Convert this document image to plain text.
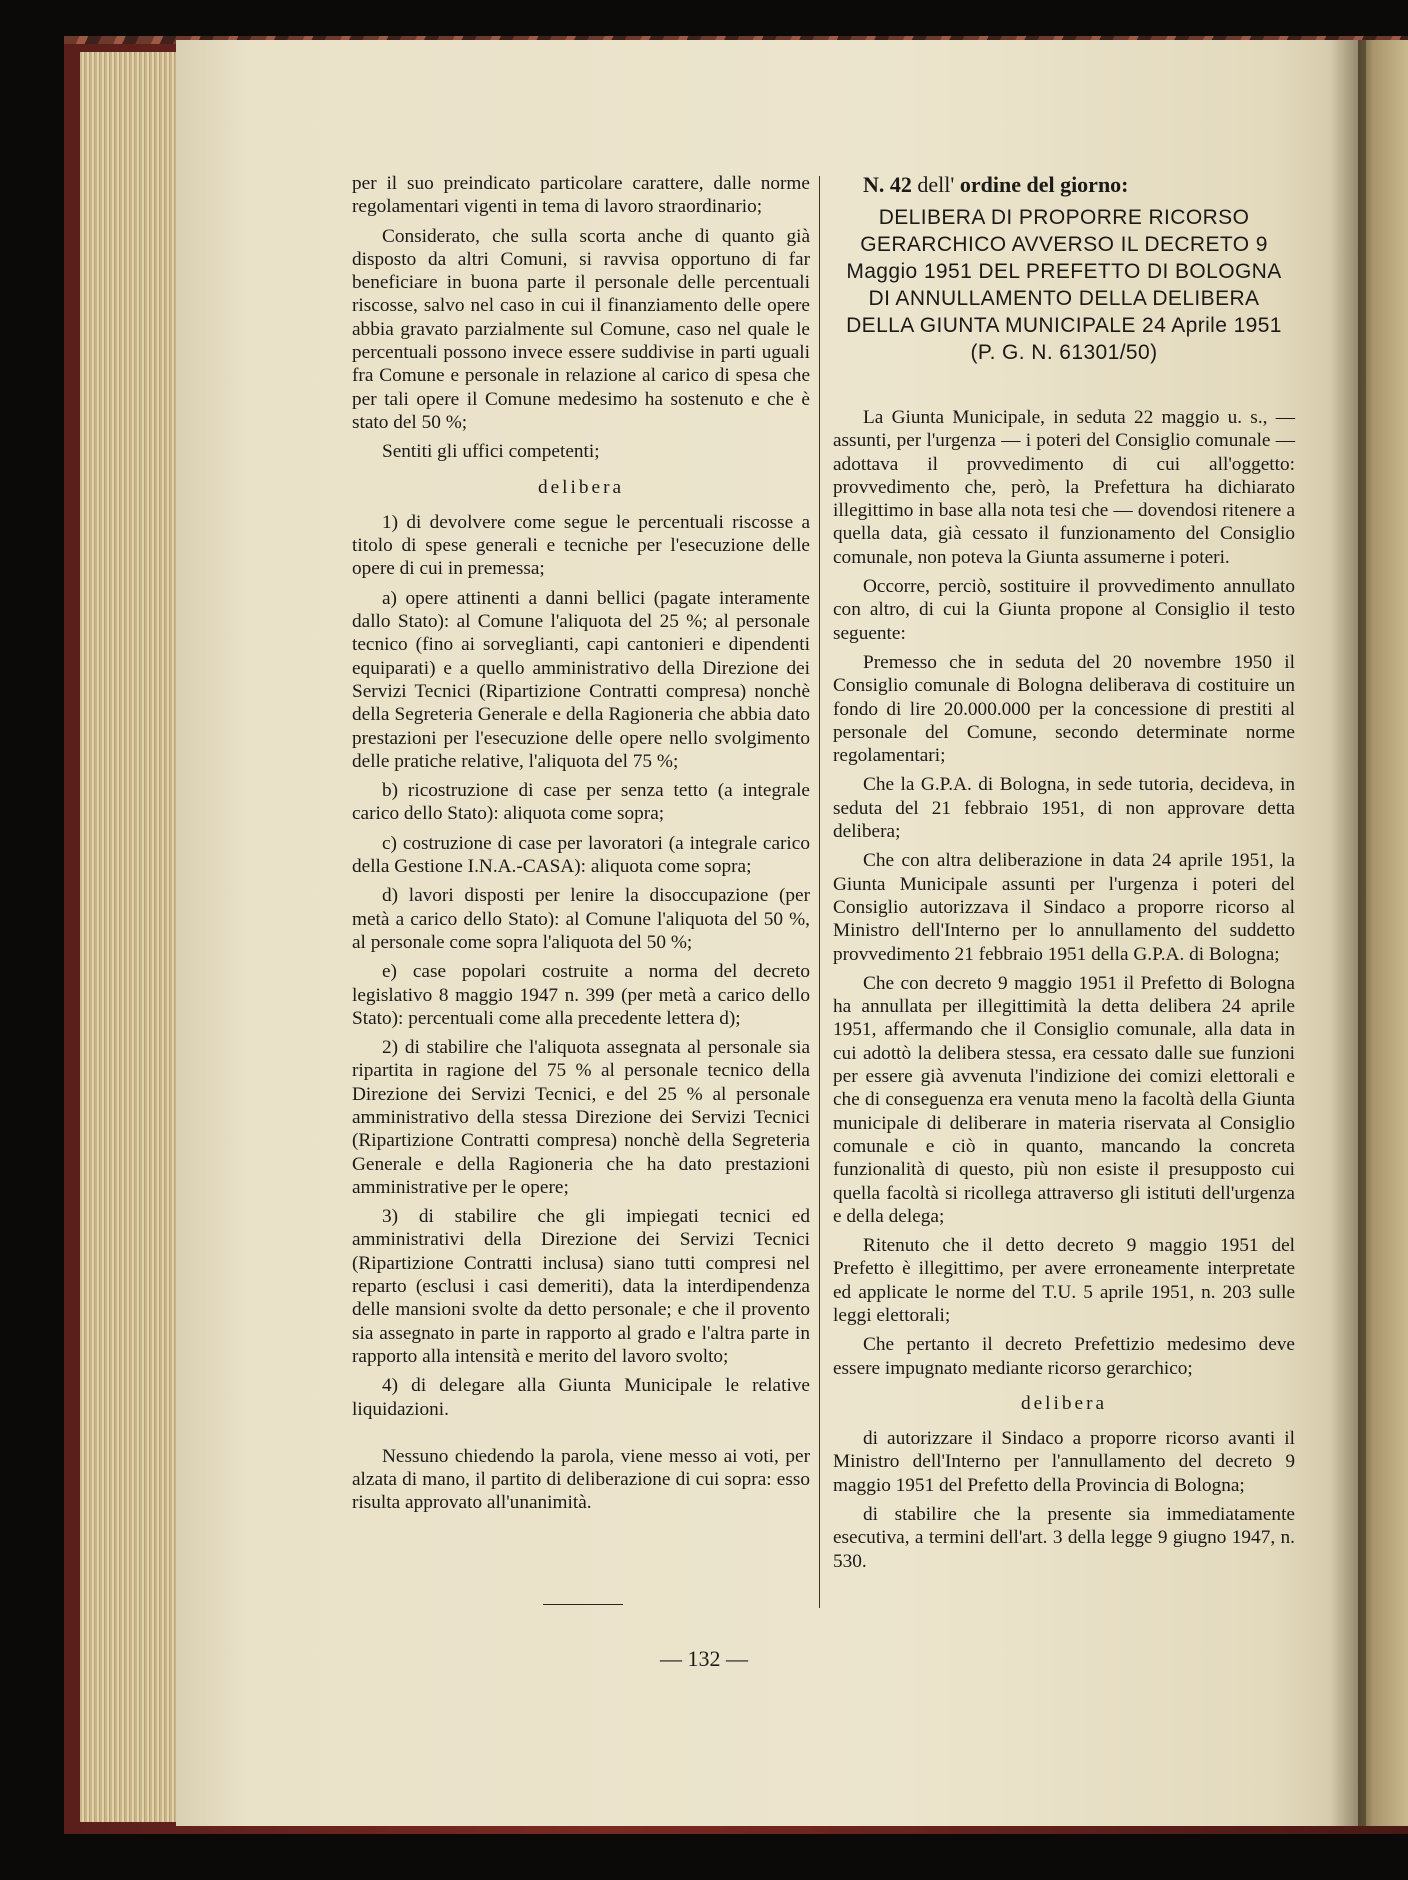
per il suo preindicato particolare carattere, dalle norme regolamentari vigenti in tema di lavoro straordinario;

Considerato, che sulla scorta anche di quanto già disposto da altri Comuni, si ravvisa opportuno di far beneficiare in buona parte il personale delle percentuali riscosse, salvo nel caso in cui il finanziamento delle opere abbia gravato parzialmente sul Comune, caso nel quale le percentuali possono invece essere suddivise in parti uguali fra Comune e personale in relazione al carico di spesa che per tali opere il Comune medesimo ha sostenuto e che è stato del 50 %;

Sentiti gli uffici competenti;

delibera

1) di devolvere come segue le percentuali riscosse a titolo di spese generali e tecniche per l'esecuzione delle opere di cui in premessa;

a) opere attinenti a danni bellici (pagate interamente dallo Stato): al Comune l'aliquota del 25 %; al personale tecnico (fino ai sorveglianti, capi cantonieri e dipendenti equiparati) e a quello amministrativo della Direzione dei Servizi Tecnici (Ripartizione Contratti compresa) nonchè della Segreteria Generale e della Ragioneria che abbia dato prestazioni per l'esecuzione delle opere nello svolgimento delle pratiche relative, l'aliquota del 75 %;

b) ricostruzione di case per senza tetto (a integrale carico dello Stato): aliquota come sopra;

c) costruzione di case per lavoratori (a integrale carico della Gestione I.N.A.-CASA): aliquota come sopra;

d) lavori disposti per lenire la disoccupazione (per metà a carico dello Stato): al Comune l'aliquota del 50 %, al personale come sopra l'aliquota del 50 %;

e) case popolari costruite a norma del decreto legislativo 8 maggio 1947 n. 399 (per metà a carico dello Stato): percentuali come alla precedente lettera d);

2) di stabilire che l'aliquota assegnata al personale sia ripartita in ragione del 75 % al personale tecnico della Direzione dei Servizi Tecnici, e del 25 % al personale amministrativo della stessa Direzione dei Servizi Tecnici (Ripartizione Contratti compresa) nonchè della Segreteria Generale e della Ragioneria che ha dato prestazioni amministrative per le opere;

3) di stabilire che gli impiegati tecnici ed amministrativi della Direzione dei Servizi Tecnici (Ripartizione Contratti inclusa) siano tutti compresi nel reparto (esclusi i casi demeriti), data la interdipendenza delle mansioni svolte da detto personale; e che il provento sia assegnato in parte in rapporto al grado e l'altra parte in rapporto alla intensità e merito del lavoro svolto;

4) di delegare alla Giunta Municipale le relative liquidazioni.

Nessuno chiedendo la parola, viene messo ai voti, per alzata di mano, il partito di deliberazione di cui sopra: esso risulta approvato all'unanimità.

N. 42 dell' ordine del giorno:

DELIBERA DI PROPORRE RICORSO GERARCHICO AVVERSO IL DECRETO 9 Maggio 1951 DEL PREFETTO DI BOLOGNA DI ANNULLAMENTO DELLA DELIBERA DELLA GIUNTA MUNICIPALE 24 Aprile 1951 (P. G. N. 61301/50)

La Giunta Municipale, in seduta 22 maggio u. s., — assunti, per l'urgenza — i poteri del Consiglio comunale — adottava il provvedimento di cui all'oggetto: provvedimento che, però, la Prefettura ha dichiarato illegittimo in base alla nota tesi che — dovendosi ritenere a quella data, già cessato il funzionamento del Consiglio comunale, non poteva la Giunta assumerne i poteri.

Occorre, perciò, sostituire il provvedimento annullato con altro, di cui la Giunta propone al Consiglio il testo seguente:

Premesso che in seduta del 20 novembre 1950 il Consiglio comunale di Bologna deliberava di costituire un fondo di lire 20.000.000 per la concessione di prestiti al personale del Comune, secondo determinate norme regolamentari;

Che la G.P.A. di Bologna, in sede tutoria, decideva, in seduta del 21 febbraio 1951, di non approvare detta delibera;

Che con altra deliberazione in data 24 aprile 1951, la Giunta Municipale assunti per l'urgenza i poteri del Consiglio autorizzava il Sindaco a proporre ricorso al Ministro dell'Interno per lo annullamento del suddetto provvedimento 21 febbraio 1951 della G.P.A. di Bologna;

Che con decreto 9 maggio 1951 il Prefetto di Bologna ha annullata per illegittimità la detta delibera 24 aprile 1951, affermando che il Consiglio comunale, alla data in cui adottò la delibera stessa, era cessato dalle sue funzioni per essere già avvenuta l'indizione dei comizi elettorali e che di conseguenza era venuta meno la facoltà della Giunta municipale di deliberare in materia riservata al Consiglio comunale e ciò in quanto, mancando la concreta funzionalità di questo, più non esiste il presupposto cui quella facoltà si ricollega attraverso gli istituti dell'urgenza e della delega;

Ritenuto che il detto decreto 9 maggio 1951 del Prefetto è illegittimo, per avere erroneamente interpretate ed applicate le norme del T.U. 5 aprile 1951, n. 203 sulle leggi elettorali;

Che pertanto il decreto Prefettizio medesimo deve essere impugnato mediante ricorso gerarchico;

delibera

di autorizzare il Sindaco a proporre ricorso avanti il Ministro dell'Interno per l'annullamento del decreto 9 maggio 1951 del Prefetto della Provincia di Bologna;

di stabilire che la presente sia immediatamente esecutiva, a termini dell'art. 3 della legge 9 giugno 1947, n. 530.

— 132 —
